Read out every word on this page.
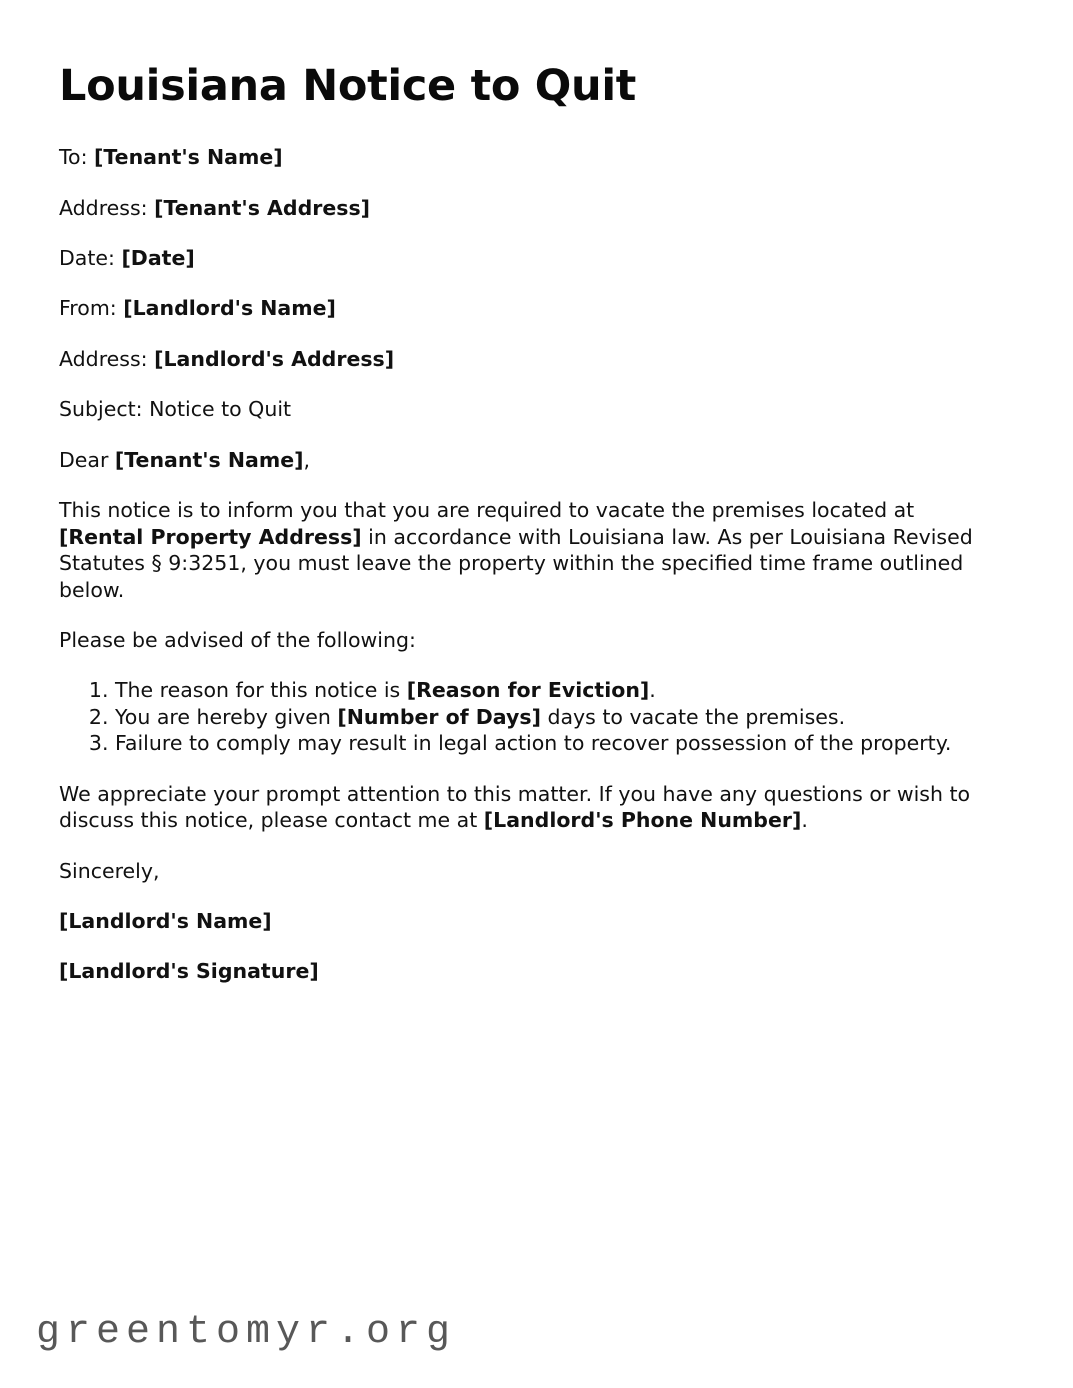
Louisiana Notice to Quit

To: [Tenant's Name]

Address: [Tenant's Address]

Date: [Date]

From: [Landlord's Name]

Address: [Landlord's Address]

Subject: Notice to Quit

Dear [Tenant's Name],

This notice is to inform you that you are required to vacate the premises located at [Rental Property Address] in accordance with Louisiana law. As per Louisiana Revised Statutes § 9:3251, you must leave the property within the specified time frame outlined below.

Please be advised of the following:

1. The reason for this notice is [Reason for Eviction].
2. You are hereby given [Number of Days] days to vacate the premises.
3. Failure to comply may result in legal action to recover possession of the property.

We appreciate your prompt attention to this matter. If you have any questions or wish to discuss this notice, please contact me at [Landlord's Phone Number].

Sincerely,

[Landlord's Name]

[Landlord's Signature]

greentomyr.org
